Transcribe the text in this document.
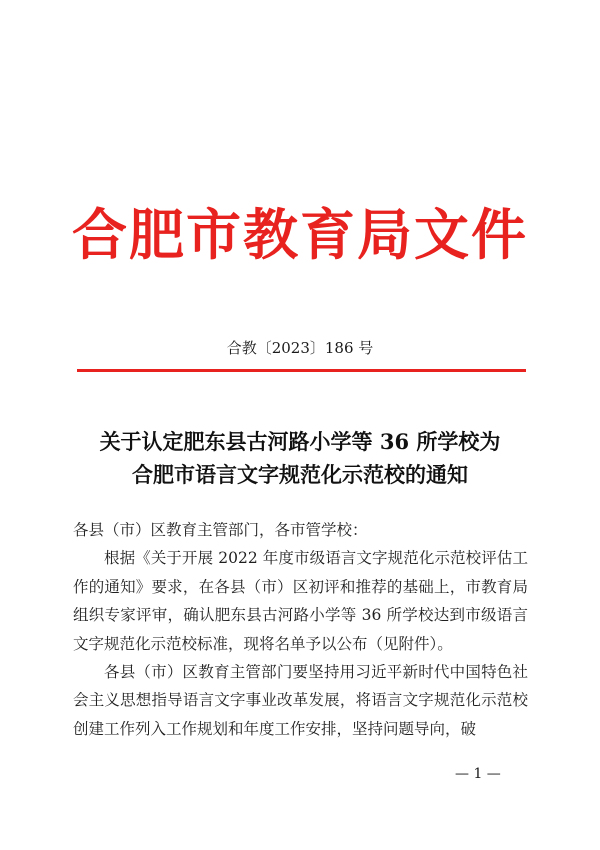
合肥市教育局文件
合教〔2023〕186 号
关于认定肥东县古河路小学等 36 所学校为
合肥市语言文字规范化示范校的通知

各县（市）区教育主管部门，各市管学校：

根据《关于开展 2022 年度市级语言文字规范化示范校评估工作的通知》要求，在各县（市）区初评和推荐的基础上，市教育局组织专家评审，确认肥东县古河路小学等 36 所学校达到市级语言文字规范化示范校标准，现将名单予以公布（见附件）。

各县（市）区教育主管部门要坚持用习近平新时代中国特色社会主义思想指导语言文字事业改革发展，将语言文字规范化示范校创建工作列入工作规划和年度工作安排，坚持问题导向，破

— 1 —
